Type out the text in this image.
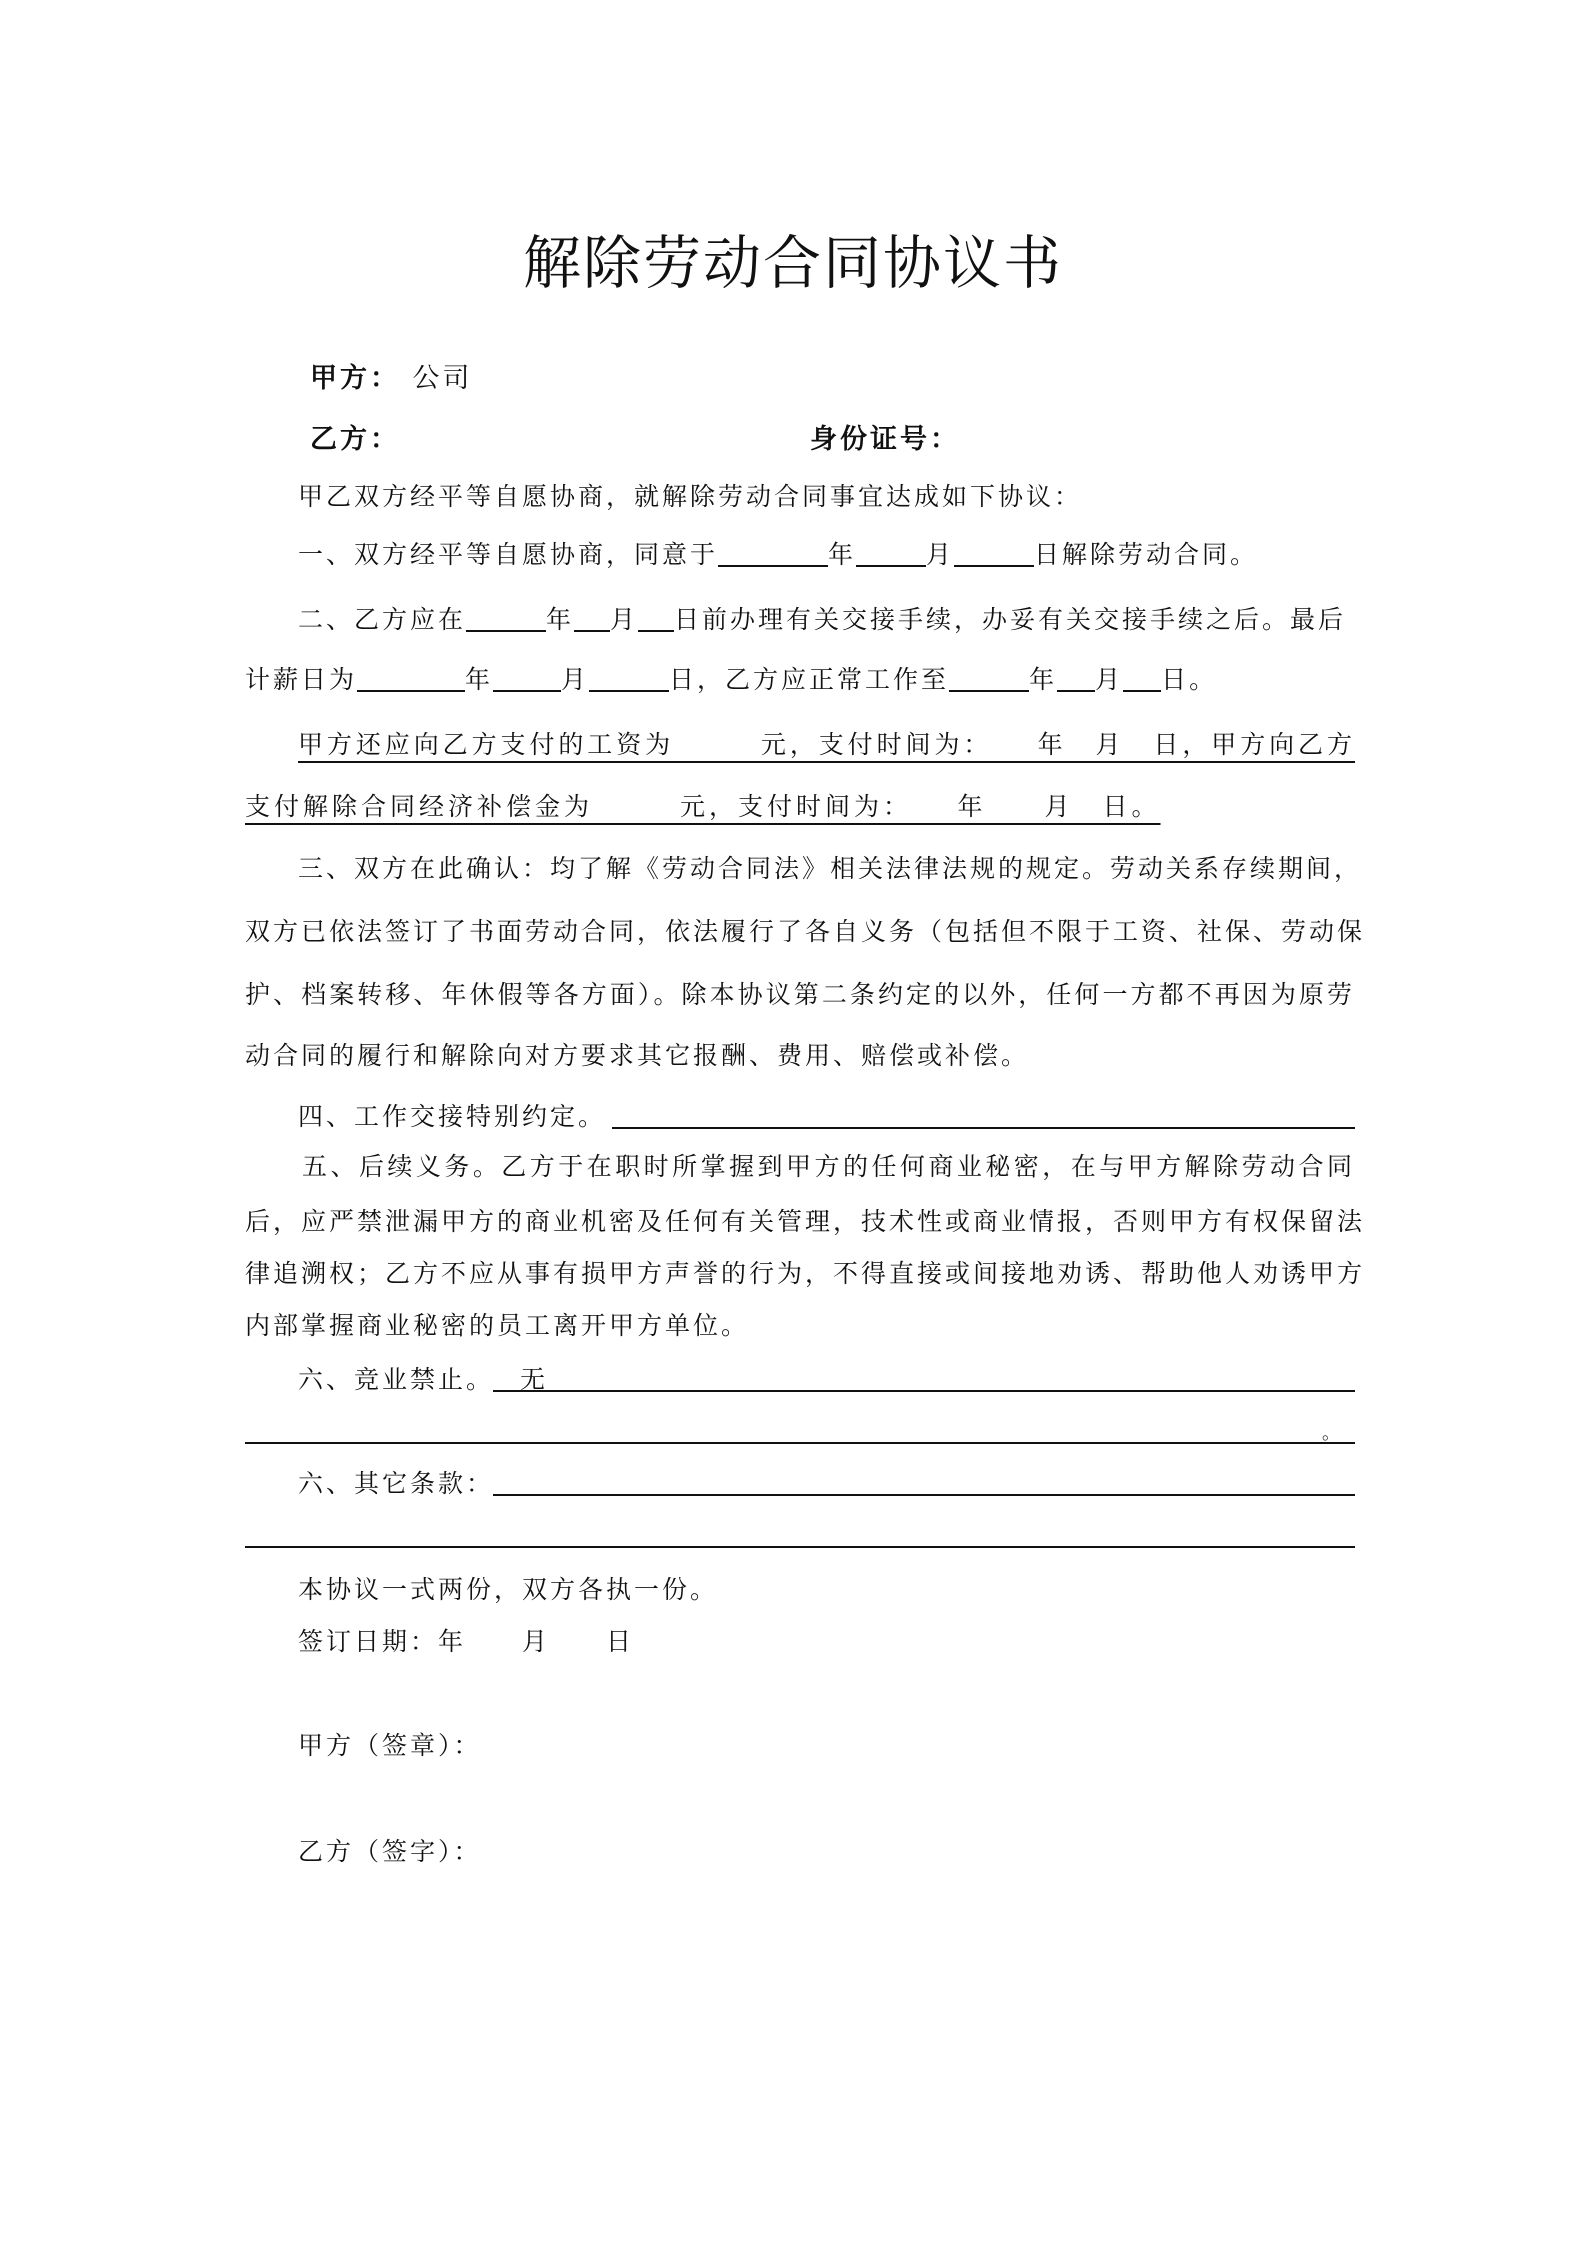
解除劳动合同协议书
甲方： 公司
乙方：	身份证号：
甲乙双方经平等自愿协商，就解除劳动合同事宜达成如下协议：
一、双方经平等自愿协商，同意于	年	月	日解除劳动合同。
二、乙方应在	年 月 日前办理有关交接手续，办妥有关交接手续之后。最后
计薪日为	年	月	日，乙方应正常工作至	年 月 日。
甲方还应向乙方支付的工资为　　　元，支付时间为：　　年　月　日，甲方向乙方
支付解除合同经济补偿金为　　　元，支付时间为：　　年　　月　日。
三、双方在此确认：均了解《劳动合同法》相关法律法规的规定。劳动关系存续期间，
双方已依法签订了书面劳动合同，依法履行了各自义务（包括但不限于工资、社保、劳动保
护、档案转移、年休假等各方面）。除本协议第二条约定的以外，任何一方都不再因为原劳
动合同的履行和解除向对方要求其它报酬、费用、赔偿或补偿。
四、工作交接特别约定。
五、后续义务。乙方于在职时所掌握到甲方的任何商业秘密，在与甲方解除劳动合同
后，应严禁泄漏甲方的商业机密及任何有关管理，技术性或商业情报，否则甲方有权保留法
律追溯权；乙方不应从事有损甲方声誉的行为，不得直接或间接地劝诱、帮助他人劝诱甲方
内部掌握商业秘密的员工离开甲方单位。
六、竞业禁止。 无
。
六、其它条款：
本协议一式两份，双方各执一份。
签订日期：年　　月　　日
甲方（签章）：
乙方（签字）：
